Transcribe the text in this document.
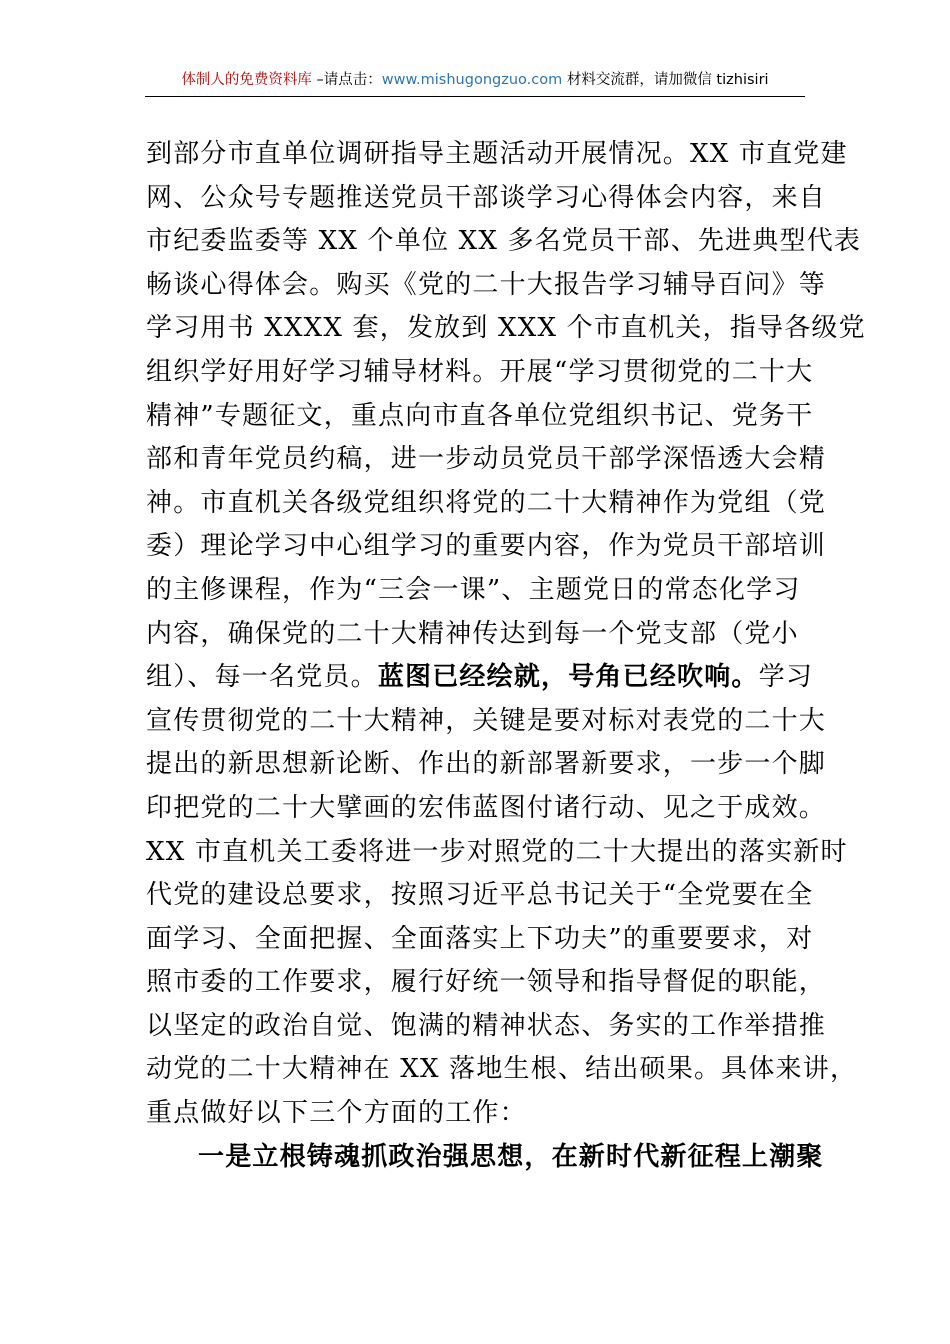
体制人的免费资料库 –请点击：www.mishugongzuo.com 材料交流群，请加微信 tizhisiri
到部分市直单位调研指导主题活动开展情况。XX 市直党建
网、公众号专题推送党员干部谈学习心得体会内容，来自
市纪委监委等 XX 个单位 XX 多名党员干部、先进典型代表
畅谈心得体会。购买《党的二十大报告学习辅导百问》等
学习用书 XXXX 套，发放到 XXX 个市直机关，指导各级党
组织学好用好学习辅导材料。开展“学习贯彻党的二十大
精神”专题征文，重点向市直各单位党组织书记、党务干
部和青年党员约稿，进一步动员党员干部学深悟透大会精
神。市直机关各级党组织将党的二十大精神作为党组（党
委）理论学习中心组学习的重要内容，作为党员干部培训
的主修课程，作为“三会一课”、主题党日的常态化学习
内容，确保党的二十大精神传达到每一个党支部（党小
组）、每一名党员。蓝图已经绘就，号角已经吹响。学习
宣传贯彻党的二十大精神，关键是要对标对表党的二十大
提出的新思想新论断、作出的新部署新要求，一步一个脚
印把党的二十大擘画的宏伟蓝图付诸行动、见之于成效。
XX 市直机关工委将进一步对照党的二十大提出的落实新时
代党的建设总要求，按照习近平总书记关于“全党要在全
面学习、全面把握、全面落实上下功夫”的重要要求，对
照市委的工作要求，履行好统一领导和指导督促的职能，
以坚定的政治自觉、饱满的精神状态、务实的工作举措推
动党的二十大精神在 XX 落地生根、结出硕果。具体来讲，
重点做好以下三个方面的工作：
一是立根铸魂抓政治强思想，在新时代新征程上潮聚
